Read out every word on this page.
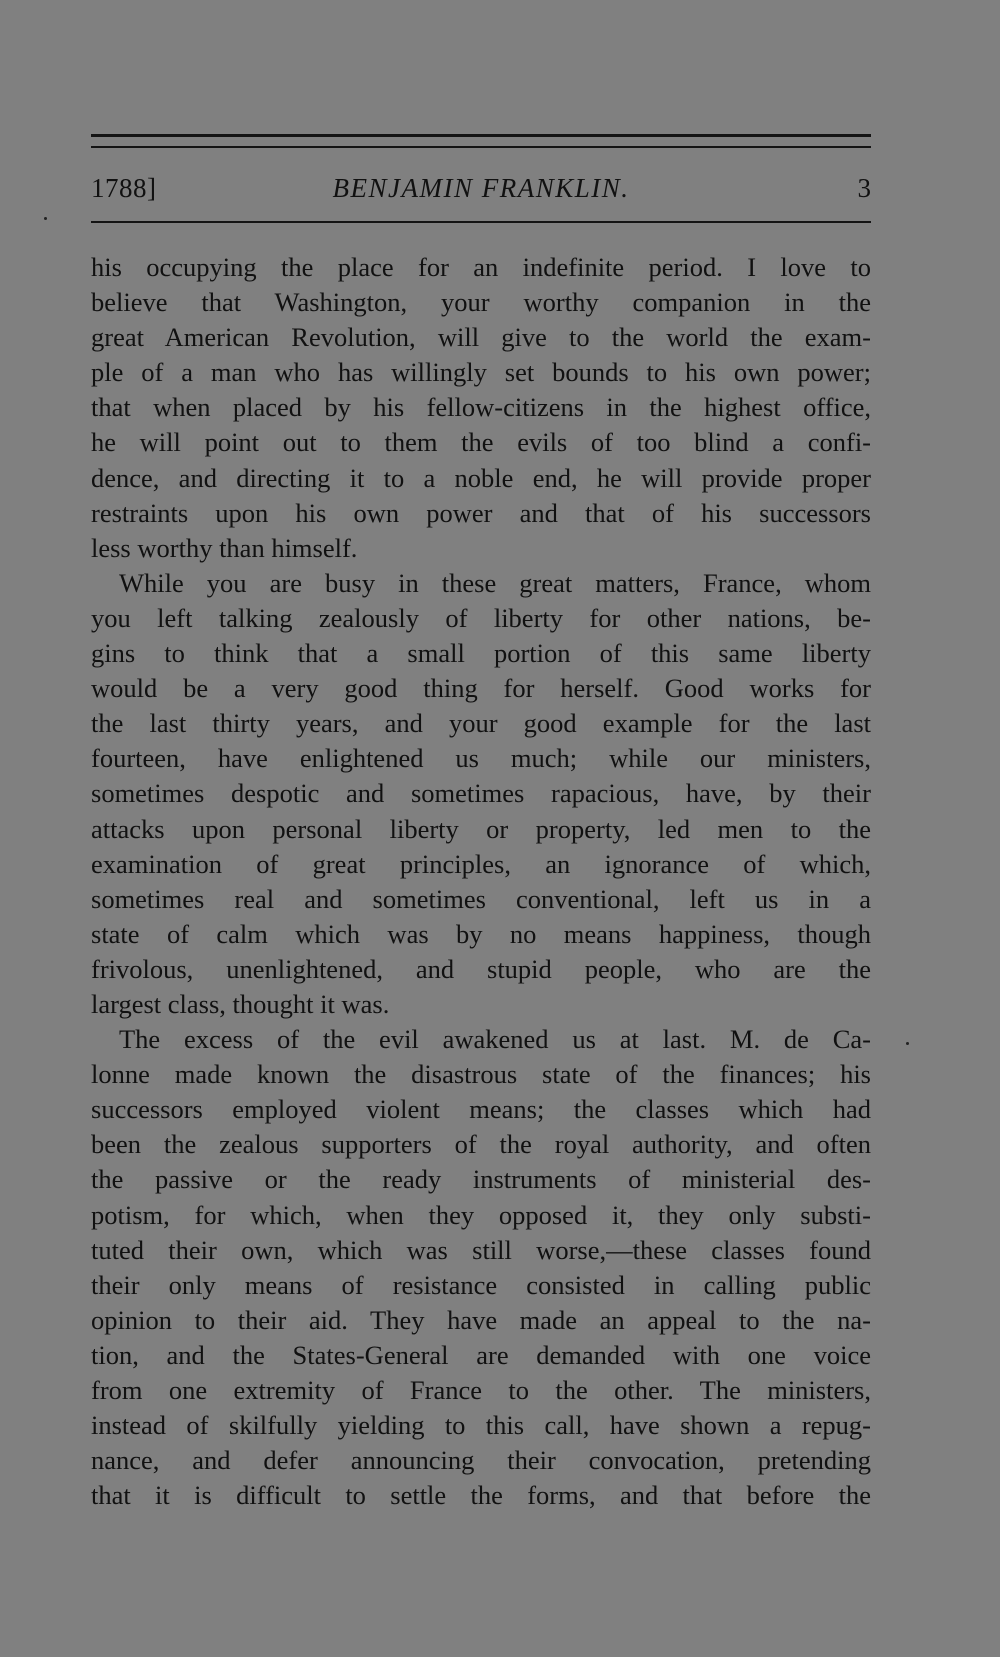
1788]	BENJAMIN FRANKLIN.	3
his occupying the place for an indefinite period. I love to
believe that Washington, your worthy companion in the
great American Revolution, will give to the world the exam-
ple of a man who has willingly set bounds to his own power;
that when placed by his fellow-citizens in the highest office,
he will point out to them the evils of too blind a confi-
dence, and directing it to a noble end, he will provide proper
restraints upon his own power and that of his successors
less worthy than himself.
While you are busy in these great matters, France, whom
you left talking zealously of liberty for other nations, be-
gins to think that a small portion of this same liberty
would be a very good thing for herself. Good works for
the last thirty years, and your good example for the last
fourteen, have enlightened us much; while our ministers,
sometimes despotic and sometimes rapacious, have, by their
attacks upon personal liberty or property, led men to the
examination of great principles, an ignorance of which,
sometimes real and sometimes conventional, left us in a
state of calm which was by no means happiness, though
frivolous, unenlightened, and stupid people, who are the
largest class, thought it was.
The excess of the evil awakened us at last. M. de Ca-
lonne made known the disastrous state of the finances; his
successors employed violent means; the classes which had
been the zealous supporters of the royal authority, and often
the passive or the ready instruments of ministerial des-
potism, for which, when they opposed it, they only substi-
tuted their own, which was still worse,—these classes found
their only means of resistance consisted in calling public
opinion to their aid. They have made an appeal to the na-
tion, and the States-General are demanded with one voice
from one extremity of France to the other. The ministers,
instead of skilfully yielding to this call, have shown a repug-
nance, and defer announcing their convocation, pretending
that it is difficult to settle the forms, and that before the
